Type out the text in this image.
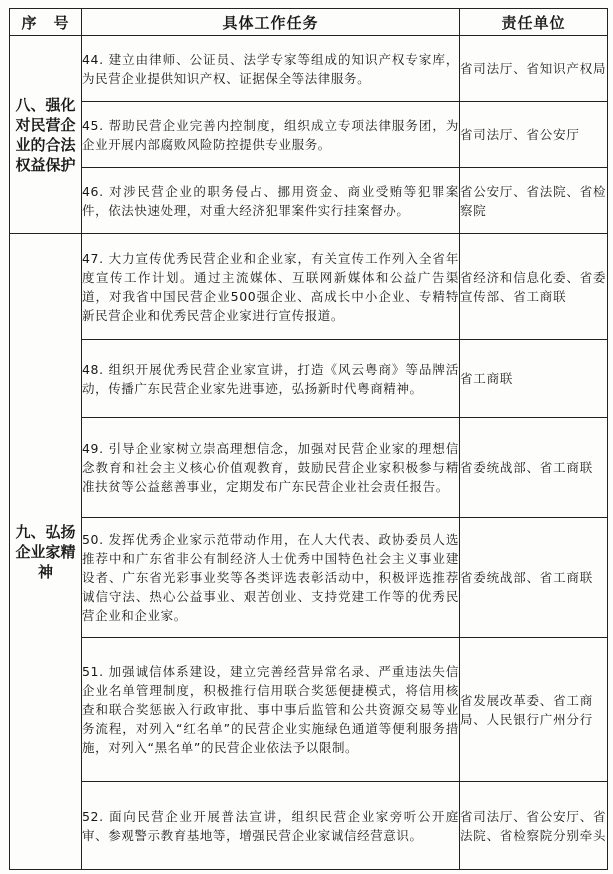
序　号	具体工作任务	责任单位
八、强化对民营企业的合法权益保护	44. 建立由律师、公证员、法学专家等组成的知识产权专家库，为民营企业提供知识产权、证据保全等法律服务。	省司法厅、省知识产权局
	45. 帮助民营企业完善内控制度，组织成立专项法律服务团，为企业开展内部腐败风险防控提供专业服务。	省司法厅、省公安厅
	46. 对涉民营企业的职务侵占、挪用资金、商业受贿等犯罪案件，依法快速处理，对重大经济犯罪案件实行挂案督办。	省公安厅、省法院、省检察院
九、弘扬企业家精神	47. 大力宣传优秀民营企业和企业家，有关宣传工作列入全省年度宣传工作计划。通过主流媒体、互联网新媒体和公益广告渠道，对我省中国民营企业500强企业、高成长中小企业、专精特新民营企业和优秀民营企业家进行宣传报道。	省经济和信息化委、省委宣传部、省工商联
	48. 组织开展优秀民营企业家宣讲，打造《风云粤商》等品牌活动，传播广东民营企业家先进事迹，弘扬新时代粤商精神。	省工商联
	49. 引导企业家树立崇高理想信念，加强对民营企业家的理想信念教育和社会主义核心价值观教育，鼓励民营企业家积极参与精准扶贫等公益慈善事业，定期发布广东民营企业社会责任报告。	省委统战部、省工商联
	50. 发挥优秀企业家示范带动作用，在人大代表、政协委员人选推荐中和广东省非公有制经济人士优秀中国特色社会主义事业建设者、广东省光彩事业奖等各类评选表彰活动中，积极评选推荐诚信守法、热心公益事业、艰苦创业、支持党建工作等的优秀民营企业和企业家。	省委统战部、省工商联
	51. 加强诚信体系建设，建立完善经营异常名录、严重违法失信企业名单管理制度，积极推行信用联合奖惩便捷模式，将信用核查和联合奖惩嵌入行政审批、事中事后监管和公共资源交易等业务流程，对列入“红名单”的民营企业实施绿色通道等便利服务措施，对列入“黑名单”的民营企业依法予以限制。	省发展改革委、省工商局、人民银行广州分行
	52. 面向民营企业开展普法宣讲，组织民营企业家旁听公开庭审、参观警示教育基地等，增强民营企业家诚信经营意识。	省司法厅、省公安厅、省法院、省检察院分别牵头
